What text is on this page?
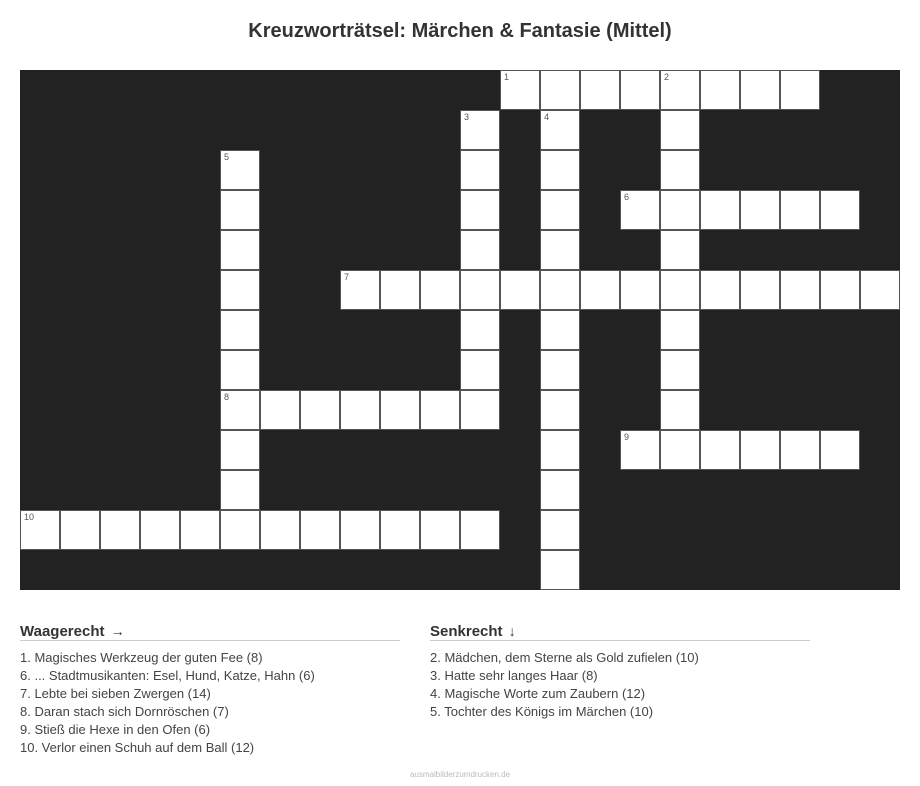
Kreuzworträtsel: Märchen & Fantasie (Mittel)
1	2
3	4
5
8
6
7
9
10
Waagerecht →
1. Magisches Werkzeug der guten Fee (8)
6. ... Stadtmusikanten: Esel, Hund, Katze, Hahn (6)
7. Lebte bei sieben Zwergen (14)
8. Daran stach sich Dornröschen (7)
9. Stieß die Hexe in den Ofen (6)
10. Verlor einen Schuh auf dem Ball (12)
Senkrecht ↓
2. Mädchen, dem Sterne als Gold zufielen (10)
3. Hatte sehr langes Haar (8)
4. Magische Worte zum Zaubern (12)
5. Tochter des Königs im Märchen (10)
ausmalbilderzumdrucken.de
